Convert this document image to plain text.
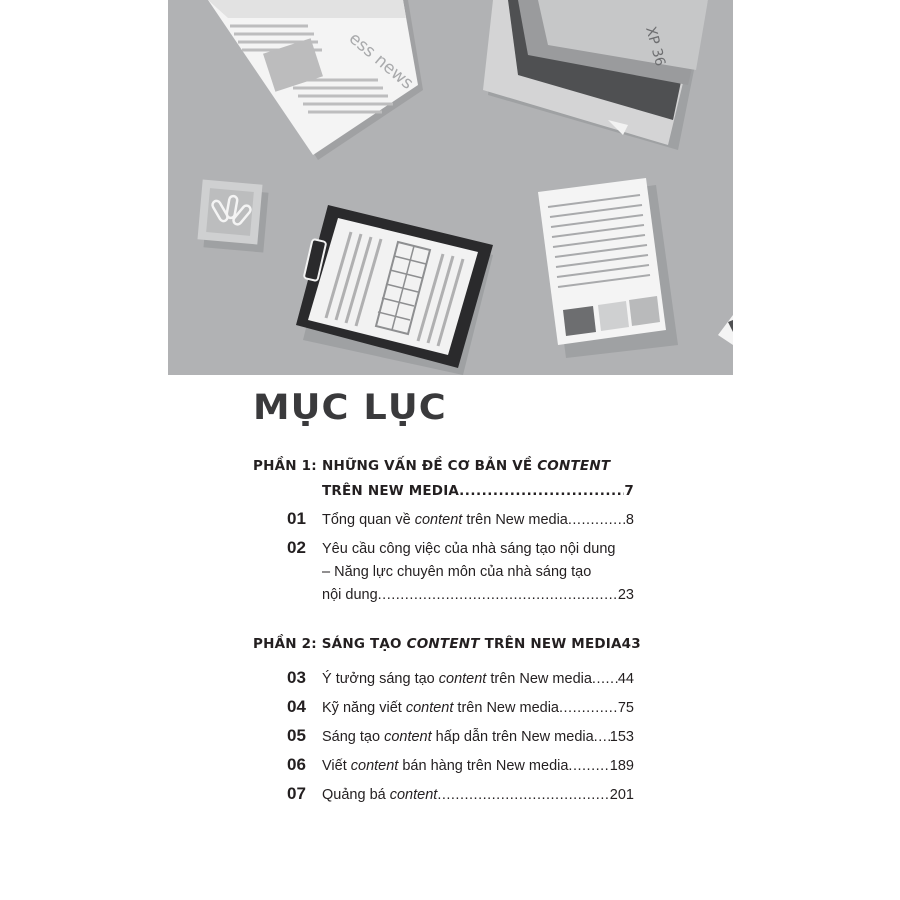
ess news	XP 36
MỤC LỤC
PHẦN 1: NHỮNG VẤN ĐỀ CƠ BẢN VỀ CONTENT
TRÊN NEW MEDIA .....	7
01	Tổng quan về content trên New media .....	8
02	Yêu cầu công việc của nhà sáng tạo nội dung
– Năng lực chuyên môn của nhà sáng tạo
nội dung .....	23
PHẦN 2: SÁNG TẠO CONTENT TRÊN NEW MEDIA 43
03	Ý tưởng sáng tạo content trên New media ..... 44
04	Kỹ năng viết content trên New media .....	75
05	Sáng tạo content hấp dẫn trên New media ..... 153
06	Viết content bán hàng trên New media .....	189
07	Quảng bá content .....	201
